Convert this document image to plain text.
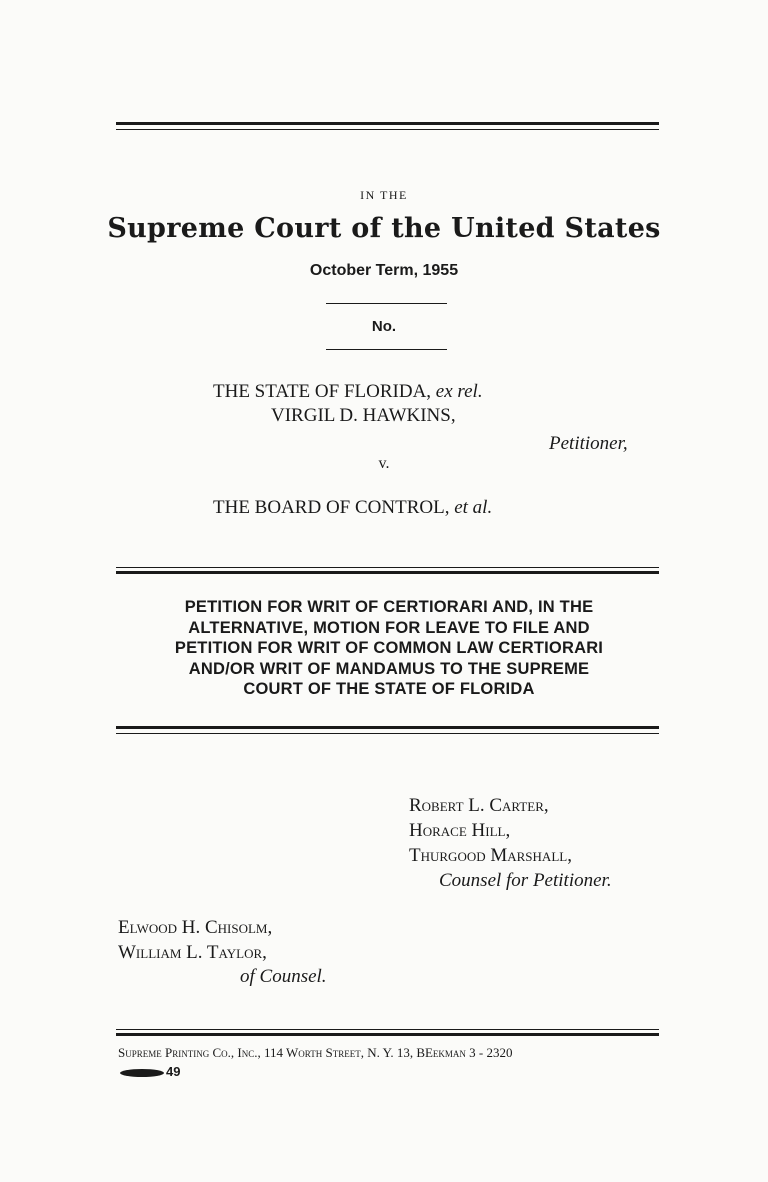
IN THE
Supreme Court of the United States
October Term, 1955
No.
THE STATE OF FLORIDA, ex rel.
VIRGIL D. HAWKINS,
Petitioner,
v.
THE BOARD OF CONTROL, et al.
PETITION FOR WRIT OF CERTIORARI AND, IN THE
ALTERNATIVE, MOTION FOR LEAVE TO FILE AND
PETITION FOR WRIT OF COMMON LAW CERTIORARI
AND/OR WRIT OF MANDAMUS TO THE SUPREME
COURT OF THE STATE OF FLORIDA
Robert L. Carter,
Horace Hill,
Thurgood Marshall,
Counsel for Petitioner.
Elwood H. Chisolm,
William L. Taylor,
of Counsel.
Supreme Printing Co., Inc., 114 Worth Street, N. Y. 13, BEekman 3 - 2320
49
